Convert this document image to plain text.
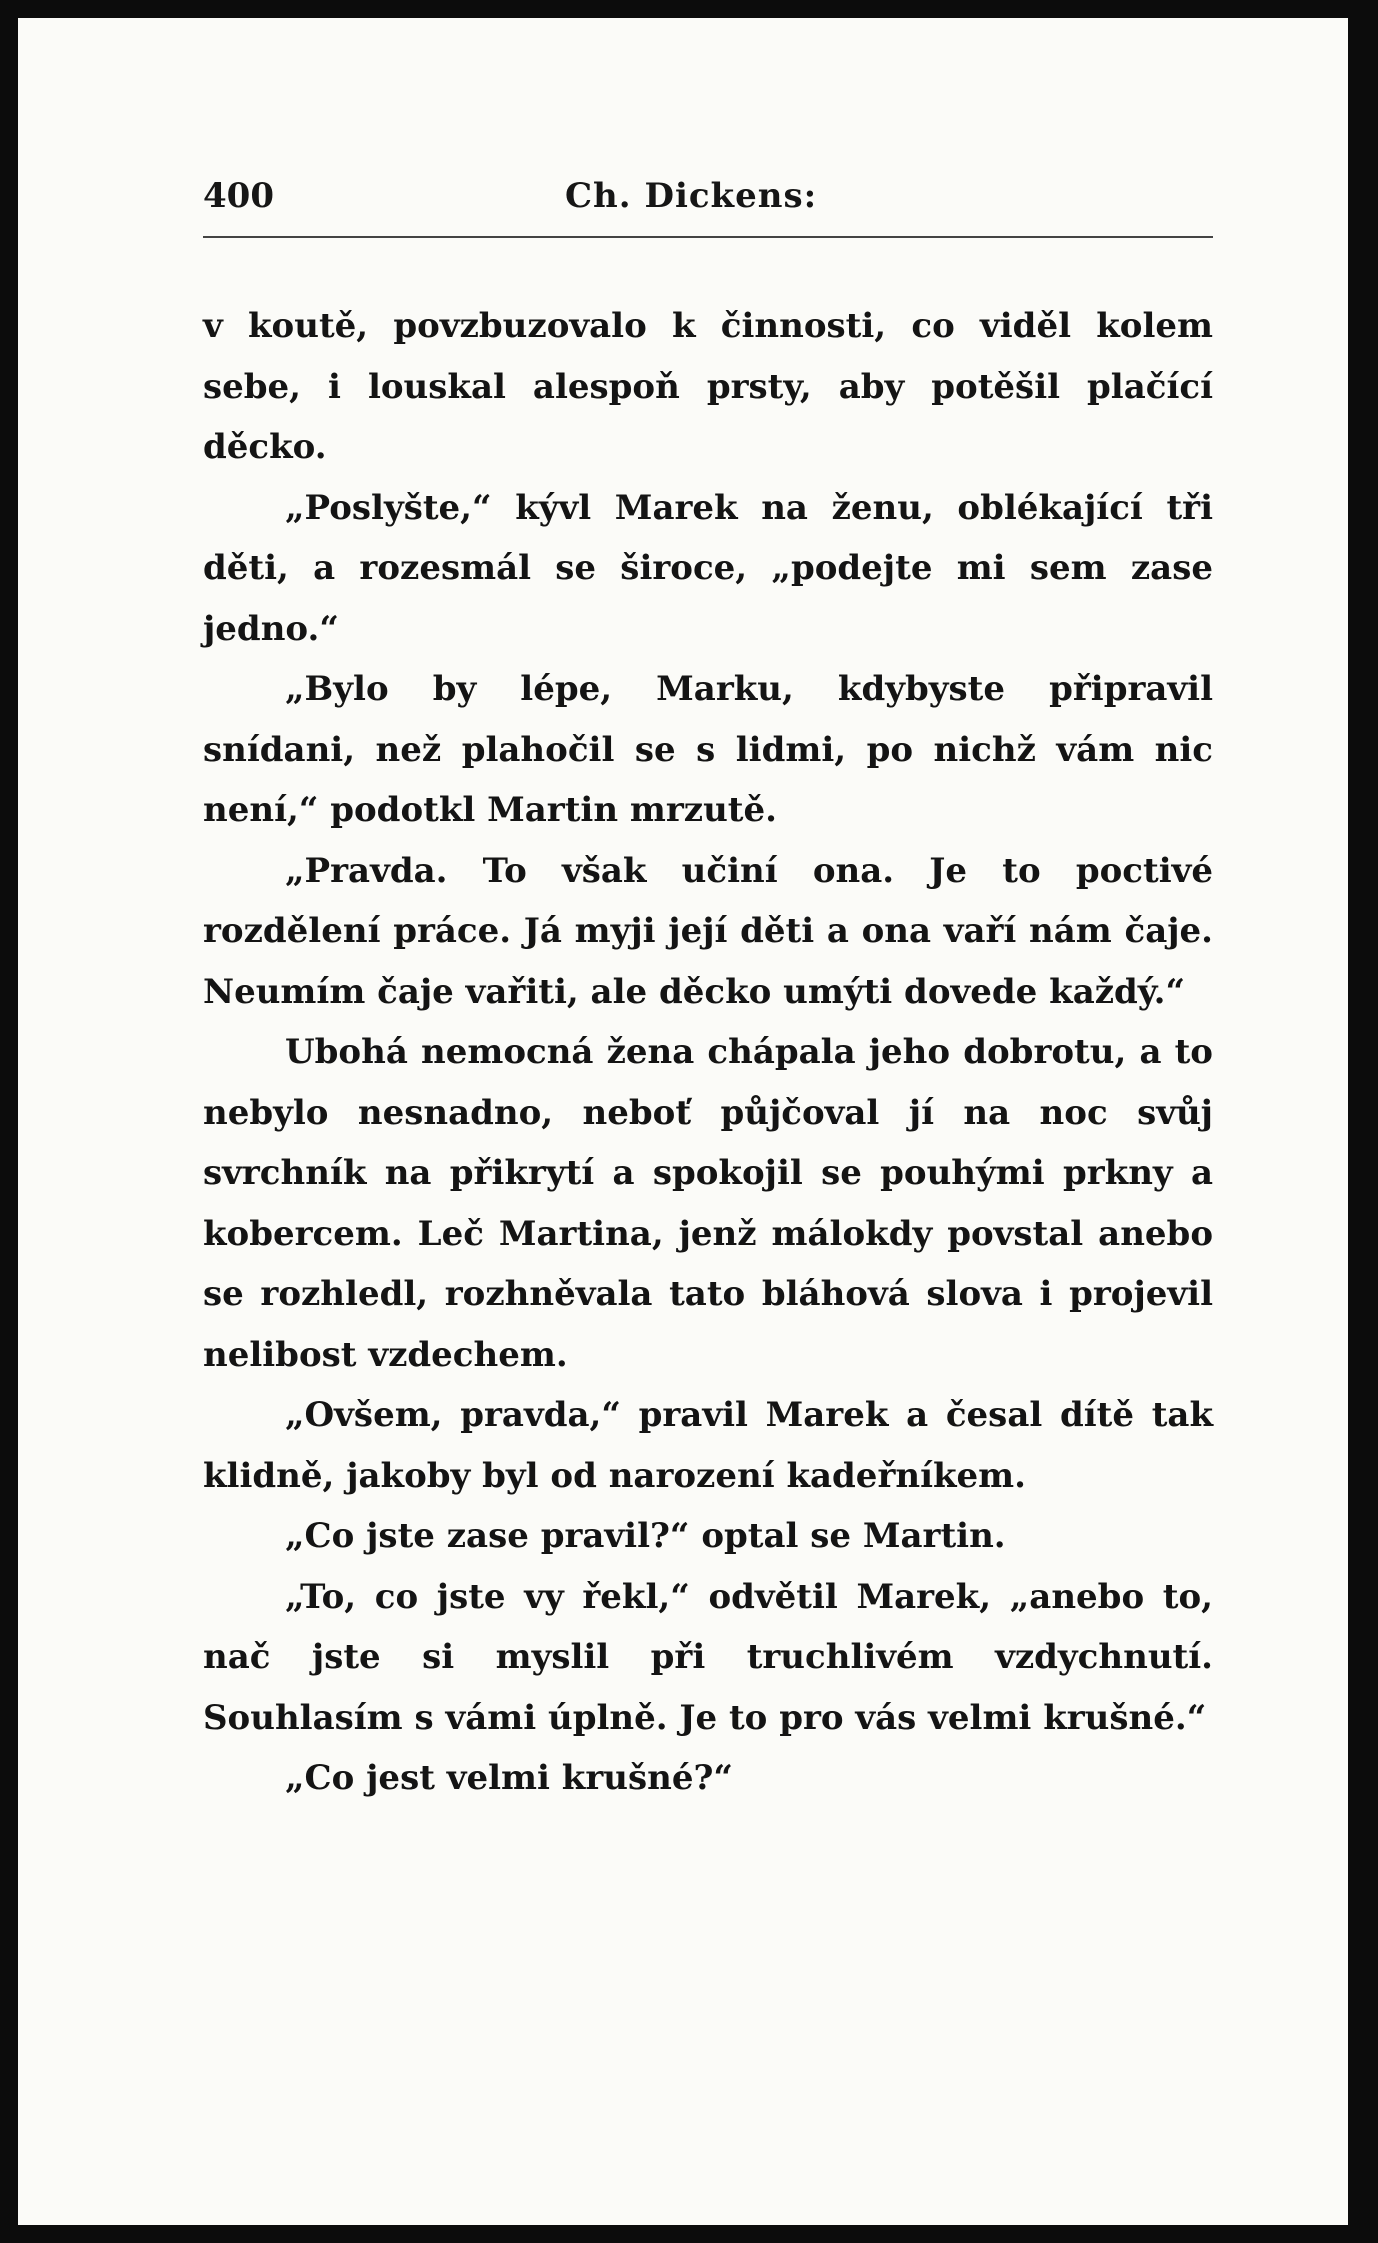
400	Ch. Dickens:

v koutě, povzbuzovalo k činnosti, co viděl kolem sebe, i louskal alespoň prsty, aby potěšil plačící děcko.

„Poslyšte,“ kývl Marek na ženu, oblékající tři děti, a rozesmál se široce, „podejte mi sem zase jedno.“

„Bylo by lépe, Marku, kdybyste připravil snídani, než plahočil se s lidmi, po nichž vám nic není,“ podotkl Martin mrzutě.

„Pravda. To však učiní ona. Je to poctivé rozdělení práce. Já myji její děti a ona vaří nám čaje. Neumím čaje vařiti, ale děcko umýti dovede každý.“

Ubohá nemocná žena chápala jeho dobrotu, a to nebylo nesnadno, neboť půjčoval jí na noc svůj svrchník na přikrytí a spokojil se pouhými prkny a kobercem. Leč Martina, jenž málokdy povstal anebo se rozhledl, rozhněvala tato bláhová slova i projevil nelibost vzdechem.

„Ovšem, pravda,“ pravil Marek a česal dítě tak klidně, jakoby byl od narození kadeřníkem.

„Co jste zase pravil?“ optal se Martin.

„To, co jste vy řekl,“ odvětil Marek, „anebo to, nač jste si myslil při truchlivém vzdychnutí. Souhlasím s vámi úplně. Je to pro vás velmi krušné.“

„Co jest velmi krušné?“
